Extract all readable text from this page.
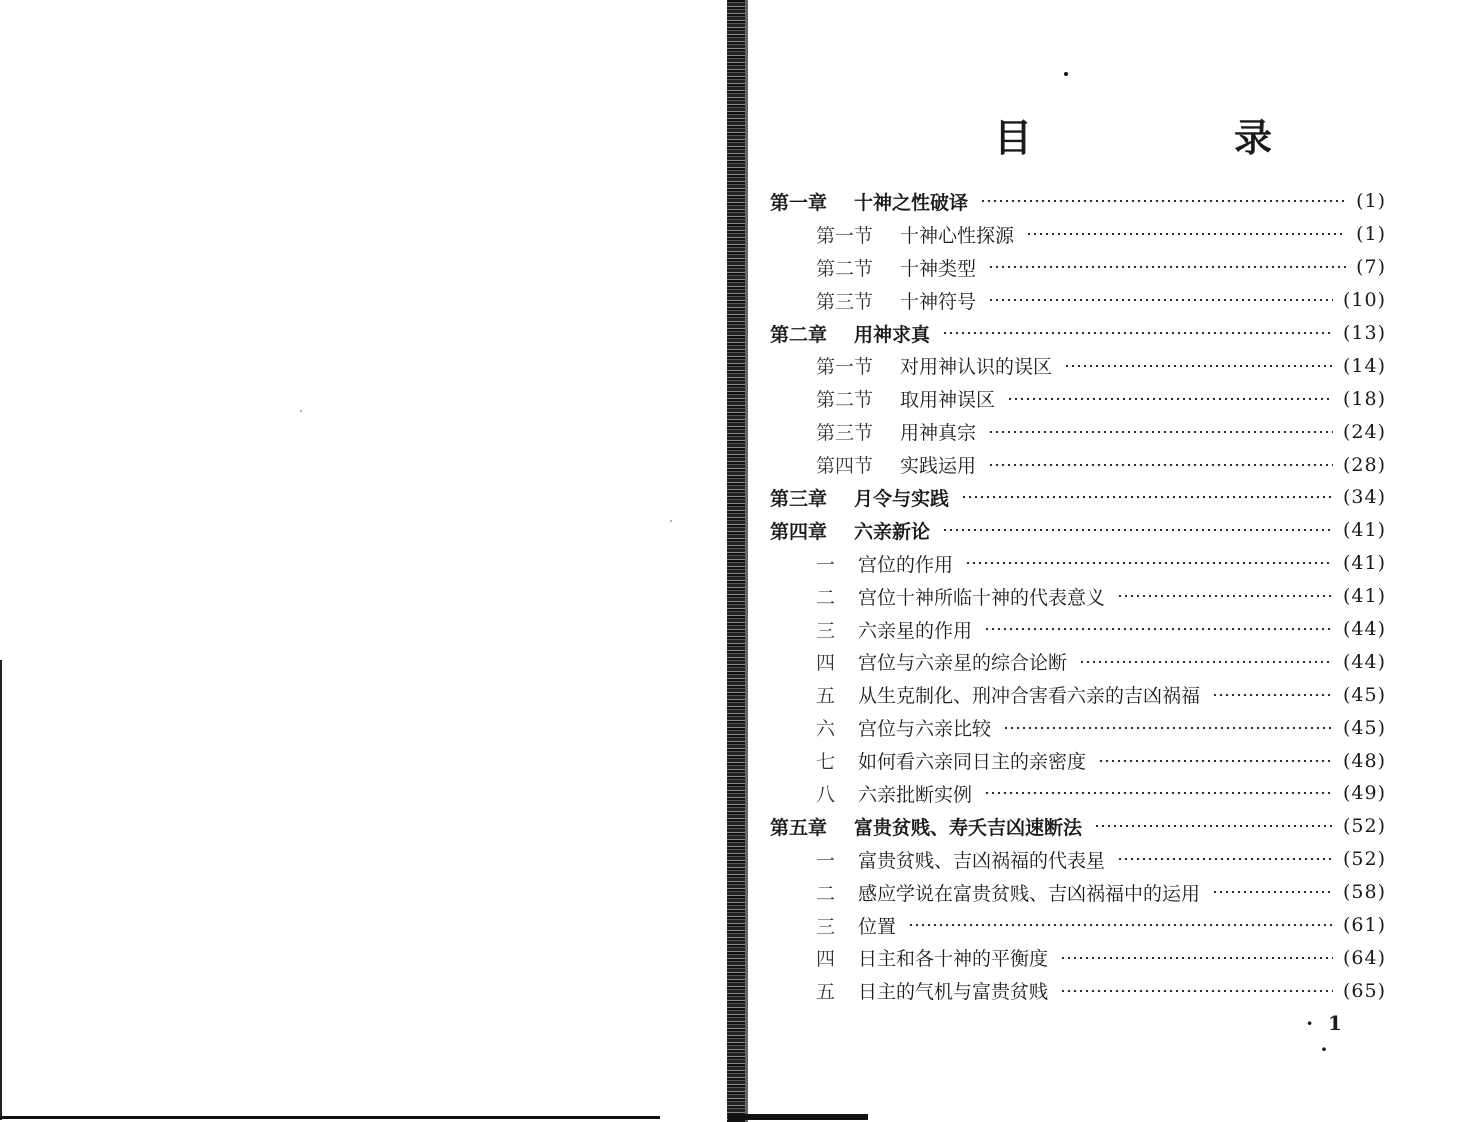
目　录
第一章	十神之性破译	(1)
第一节	十神心性探源	(1)
第二节	十神类型	(7)
第三节	十神符号	(10)
第二章	用神求真	(13)
第一节	对用神认识的误区	(14)
第二节	取用神误区	(18)
第三节	用神真宗	(24)
第四节	实践运用	(28)
第三章	月令与实践	(34)
第四章	六亲新论	(41)
一	宫位的作用	(41)
二	宫位十神所临十神的代表意义	(41)
三	六亲星的作用	(44)
四	宫位与六亲星的综合论断	(44)
五	从生克制化、刑冲合害看六亲的吉凶祸福	(45)
六	宫位与六亲比较	(45)
七	如何看六亲同日主的亲密度	(48)
八	六亲批断实例	(49)
第五章	富贵贫贱、寿夭吉凶速断法	(52)
一	富贵贫贱、吉凶祸福的代表星	(52)
二	感应学说在富贵贫贱、吉凶祸福中的运用	(58)
三	位置	(61)
四	日主和各十神的平衡度	(64)
五	日主的气机与富贵贫贱	(65)
· 1 ·
